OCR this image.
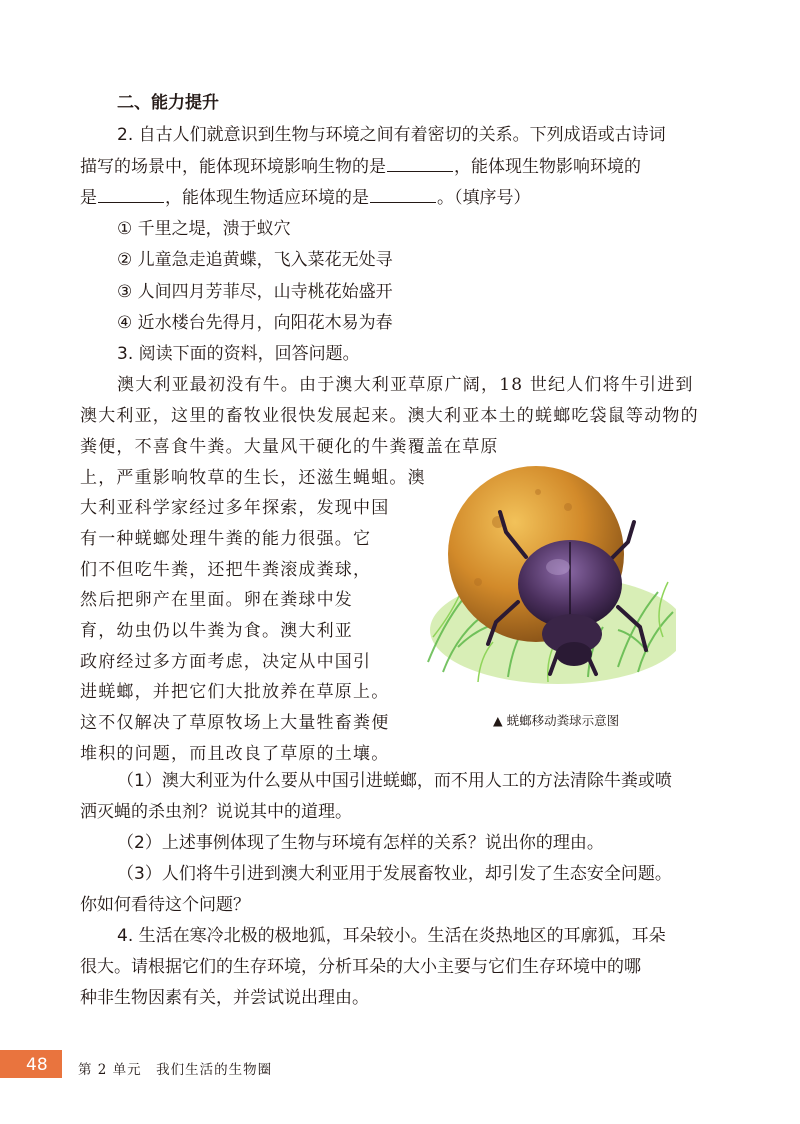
二、能力提升
2. 自古人们就意识到生物与环境之间有着密切的关系。下列成语或古诗词
描写的场景中，能体现环境影响生物的是	，能体现生物影响环境的
是	，能体现生物适应环境的是	。（填序号）
① 千里之堤，溃于蚁穴
② 儿童急走追黄蝶，飞入菜花无处寻
③ 人间四月芳菲尽，山寺桃花始盛开
④ 近水楼台先得月，向阳花木易为春
3. 阅读下面的资料，回答问题。
澳大利亚最初没有牛。由于澳大利亚草原广阔，18 世纪人们将牛引进到
澳大利亚，这里的畜牧业很快发展起来。澳大利亚本土的蜣螂吃袋鼠等动物的
粪便，不喜食牛粪。大量风干硬化的牛粪覆盖在草原
上，严重影响牧草的生长，还滋生蝇蛆。澳
大利亚科学家经过多年探索，发现中国
有一种蜣螂处理牛粪的能力很强。它
们不但吃牛粪，还把牛粪滚成粪球，
然后把卵产在里面。卵在粪球中发
育，幼虫仍以牛粪为食。澳大利亚
政府经过多方面考虑，决定从中国引
进蜣螂，并把它们大批放养在草原上。
这不仅解决了草原牧场上大量牲畜粪便
堆积的问题，而且改良了草原的土壤。
▲ 蜣螂移动粪球示意图
（1）澳大利亚为什么要从中国引进蜣螂，而不用人工的方法清除牛粪或喷
洒灭蝇的杀虫剂？说说其中的道理。
（2）上述事例体现了生物与环境有怎样的关系？说出你的理由。
（3）人们将牛引进到澳大利亚用于发展畜牧业，却引发了生态安全问题。
你如何看待这个问题？
4. 生活在寒冷北极的极地狐，耳朵较小。生活在炎热地区的耳廓狐，耳朵
很大。请根据它们的生存环境，分析耳朵的大小主要与它们生存环境中的哪
种非生物因素有关，并尝试说出理由。
48 第 2 单元　我们生活的生物圈
